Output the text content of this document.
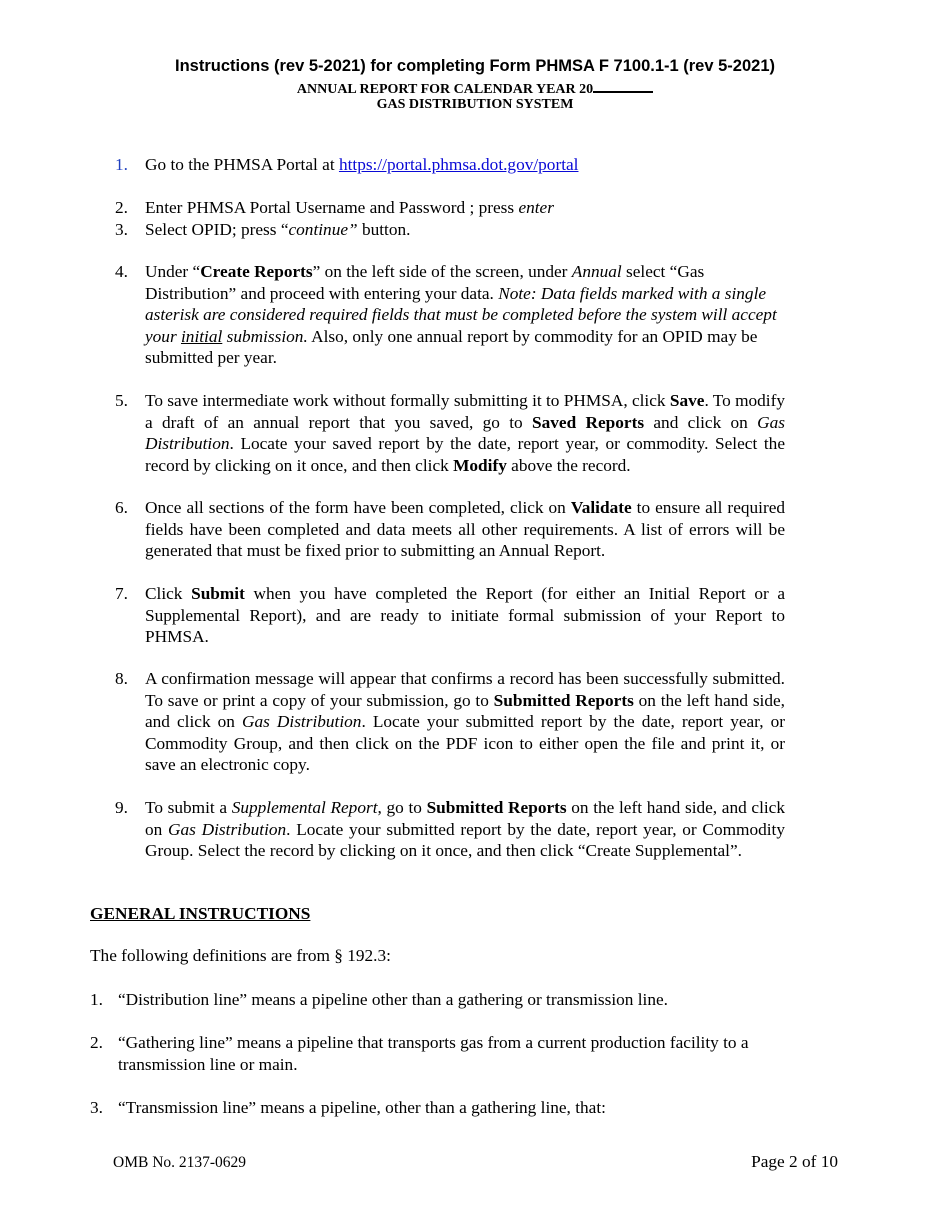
Instructions (rev 5-2021) for completing Form PHMSA F 7100.1-1 (rev 5-2021)
ANNUAL REPORT FOR CALENDAR YEAR 20
GAS DISTRIBUTION SYSTEM
1. Go to the PHMSA Portal at https://portal.phmsa.dot.gov/portal
2. Enter PHMSA Portal Username and Password ; press enter
3. Select OPID; press “continue” button.
4. Under “Create Reports” on the left side of the screen, under Annual select “Gas Distribution” and proceed with entering your data. Note: Data fields marked with a single asterisk are considered required fields that must be completed before the system will accept your initial submission. Also, only one annual report by commodity for an OPID may be submitted per year.
5. To save intermediate work without formally submitting it to PHMSA, click Save. To modify a draft of an annual report that you saved, go to Saved Reports and click on Gas Distribution. Locate your saved report by the date, report year, or commodity. Select the record by clicking on it once, and then click Modify above the record.
6. Once all sections of the form have been completed, click on Validate to ensure all required fields have been completed and data meets all other requirements. A list of errors will be generated that must be fixed prior to submitting an Annual Report.
7. Click Submit when you have completed the Report (for either an Initial Report or a Supplemental Report), and are ready to initiate formal submission of your Report to PHMSA.
8. A confirmation message will appear that confirms a record has been successfully submitted. To save or print a copy of your submission, go to Submitted Reports on the left hand side, and click on Gas Distribution. Locate your submitted report by the date, report year, or Commodity Group, and then click on the PDF icon to either open the file and print it, or save an electronic copy.
9. To submit a Supplemental Report, go to Submitted Reports on the left hand side, and click on Gas Distribution. Locate your submitted report by the date, report year, or Commodity Group. Select the record by clicking on it once, and then click “Create Supplemental”.
GENERAL INSTRUCTIONS
The following definitions are from § 192.3:
1. “Distribution line” means a pipeline other than a gathering or transmission line.
2. “Gathering line” means a pipeline that transports gas from a current production facility to a transmission line or main.
3. “Transmission line” means a pipeline, other than a gathering line, that:
OMB No. 2137-0629	Page 2 of 10
